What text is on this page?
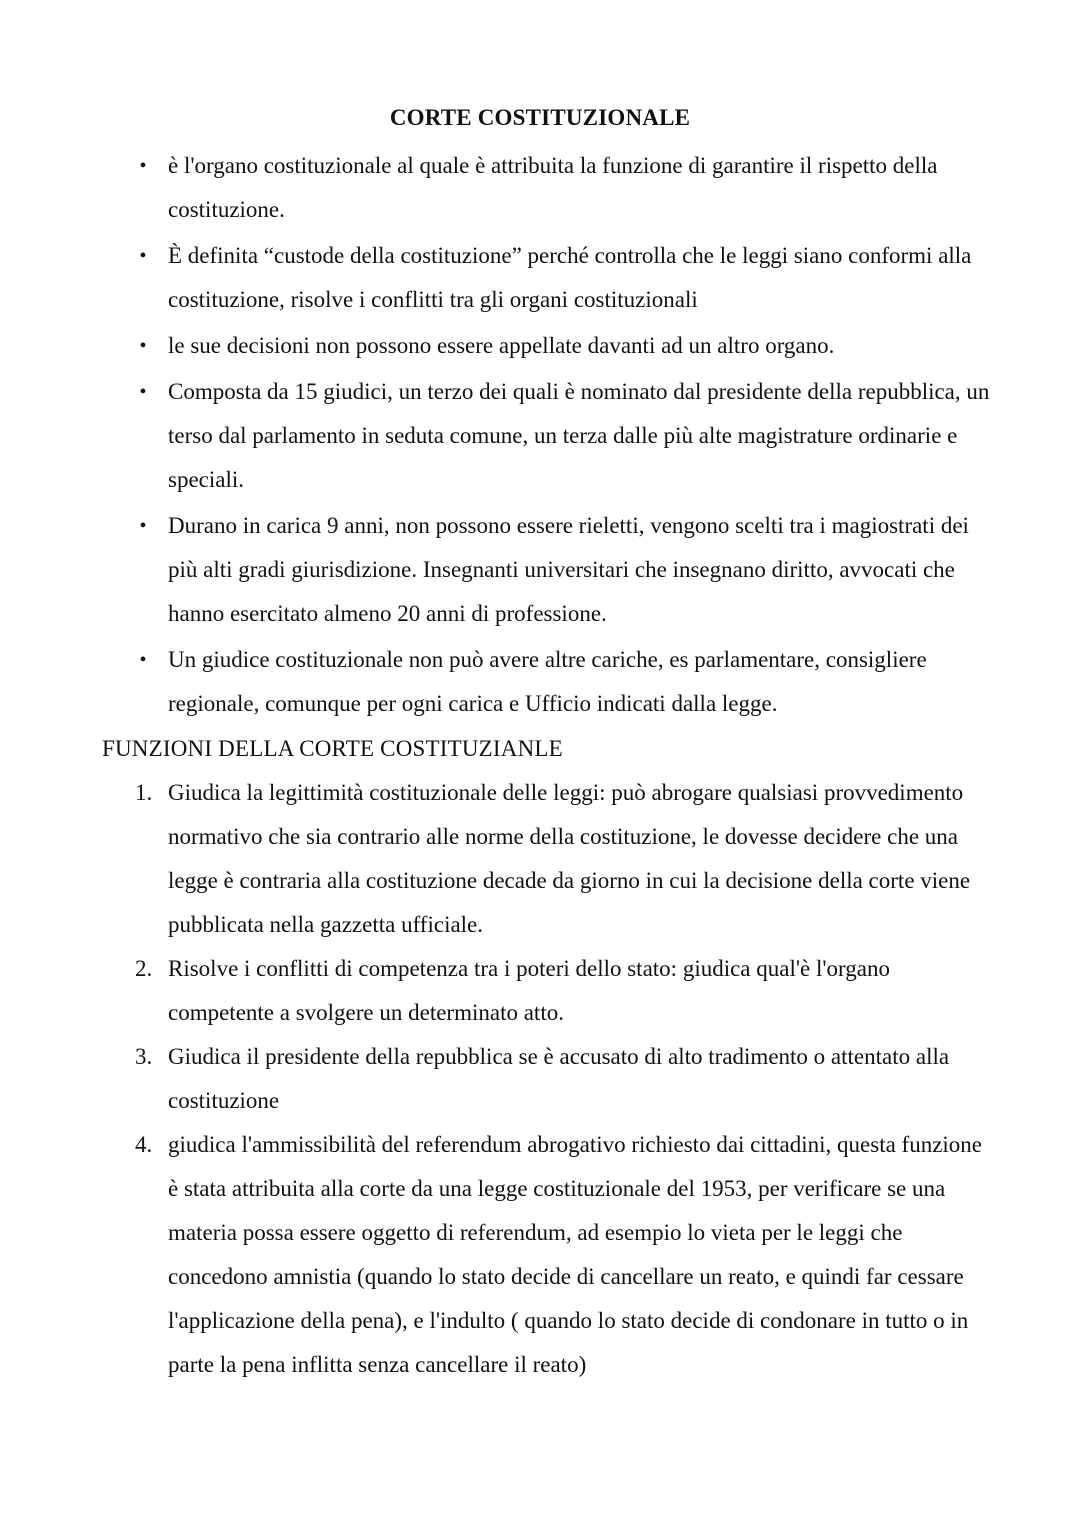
CORTE COSTITUZIONALE
• è l'organo costituzionale al quale è attribuita la funzione di garantire il rispetto della costituzione.
• È definita “custode della costituzione” perché controlla che le leggi siano conformi alla costituzione, risolve i conflitti tra gli organi costituzionali
• le sue decisioni non possono essere appellate davanti ad un altro organo.
• Composta da 15 giudici, un terzo dei quali è nominato dal presidente della repubblica, un terso dal parlamento in seduta comune, un terza dalle più alte magistrature ordinarie e speciali.
• Durano in carica 9 anni, non possono essere rieletti, vengono scelti tra i magiostrati dei più alti gradi giurisdizione. Insegnanti universitari che insegnano diritto, avvocati che hanno esercitato almeno 20 anni di professione.
• Un giudice costituzionale non può avere altre cariche, es parlamentare, consigliere regionale, comunque per ogni carica e Ufficio indicati dalla legge.
FUNZIONI DELLA CORTE COSTITUZIANLE
1. Giudica la legittimità costituzionale delle leggi: può abrogare qualsiasi provvedimento normativo che sia contrario alle norme della costituzione, le dovesse decidere che una legge è contraria alla costituzione decade da giorno in cui la decisione della corte viene pubblicata nella gazzetta ufficiale.
2. Risolve i conflitti di competenza tra i poteri dello stato: giudica qual'è l'organo competente a svolgere un determinato atto.
3. Giudica il presidente della repubblica se è accusato di alto tradimento o attentato alla costituzione
4. giudica l'ammissibilità del referendum abrogativo richiesto dai cittadini, questa funzione è stata attribuita alla corte da una legge costituzionale del 1953, per verificare se una materia possa essere oggetto di referendum, ad esempio lo vieta per le leggi che concedono amnistia (quando lo stato decide di cancellare un reato, e quindi far cessare l'applicazione della pena), e l'indulto ( quando lo stato decide di condonare in tutto o in parte la pena inflitta senza cancellare il reato)
